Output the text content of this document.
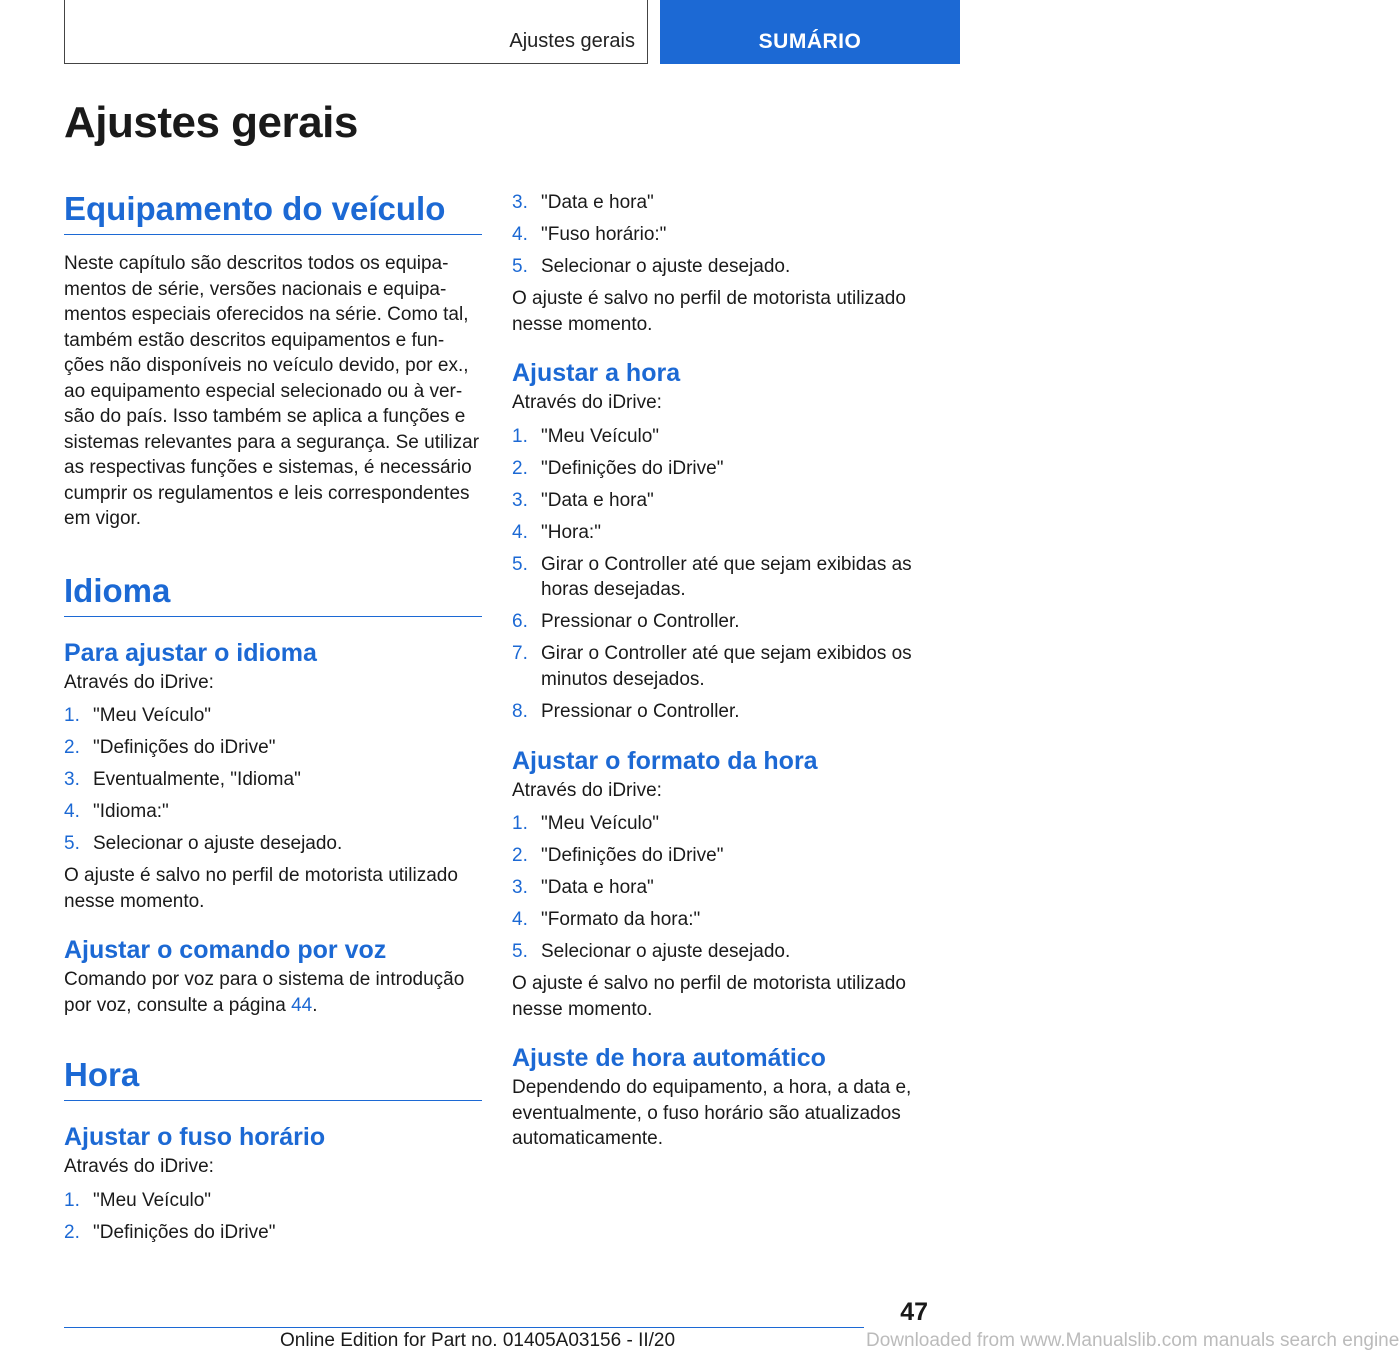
Ajustes gerais	SUMÁRIO
Ajustes gerais
Equipamento do veículo

Neste capítulo são descritos todos os equipa‐
mentos de série, versões nacionais e equipa‐
mentos especiais oferecidos na série. Como tal,
também estão descritos equipamentos e fun‐
ções não disponíveis no veículo devido, por ex.,
ao equipamento especial selecionado ou à ver‐
são do país. Isso também se aplica a funções e
sistemas relevantes para a segurança. Se utilizar
as respectivas funções e sistemas, é necessário
cumprir os regulamentos e leis correspondentes
em vigor.

Idioma
Para ajustar o idioma

Através do iDrive:

1. "Meu Veículo"
2. "Definições do iDrive"
3. Eventualmente, "Idioma"
4. "Idioma:"
5. Selecionar o ajuste desejado.

O ajuste é salvo no perfil de motorista utilizado
nesse momento.

Ajustar o comando por voz

Comando por voz para o sistema de introdução
por voz, consulte a página 44.

Hora
Ajustar o fuso horário

Através do iDrive:

1. "Meu Veículo"
2. "Definições do iDrive"
3. "Data e hora"
4. "Fuso horário:"
5. Selecionar o ajuste desejado.

O ajuste é salvo no perfil de motorista utilizado
nesse momento.

Ajustar a hora

Através do iDrive:

1. "Meu Veículo"
2. "Definições do iDrive"
3. "Data e hora"
4. "Hora:"
5. Girar o Controller até que sejam exibidas as horas desejadas.
6. Pressionar o Controller.
7. Girar o Controller até que sejam exibidos os minutos desejados.
8. Pressionar o Controller.
Ajustar o formato da hora

Através do iDrive:

1. "Meu Veículo"
2. "Definições do iDrive"
3. "Data e hora"
4. "Formato da hora:"
5. Selecionar o ajuste desejado.

O ajuste é salvo no perfil de motorista utilizado
nesse momento.

Ajuste de hora automático

Dependendo do equipamento, a hora, a data e,
eventualmente, o fuso horário são atualizados
automaticamente.

47
Online Edition for Part no. 01405A03156 - II/20	Downloaded from www.Manualslib.com manuals search engine
